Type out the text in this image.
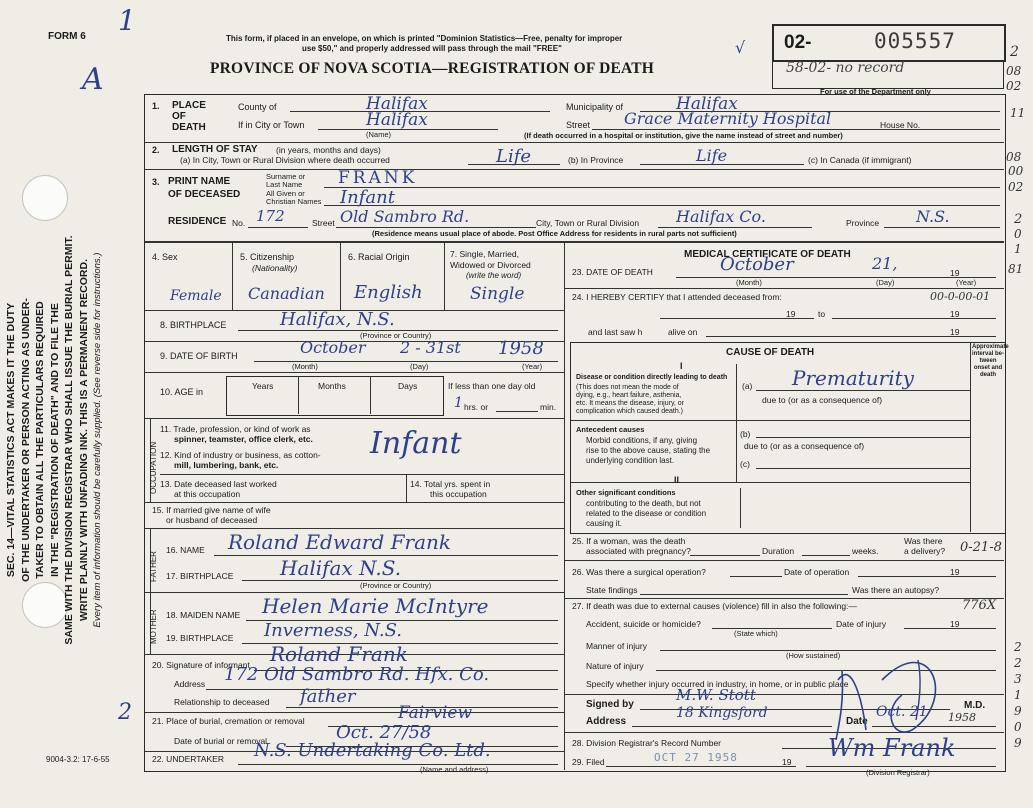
1
A
2
SEC. 14—VITAL STATISTICS ACT MAKES IT THE DUTY OF THE UNDERTAKER OR PERSON ACTING AS UNDER- TAKER TO OBTAIN ALL THE PARTICULARS REQUIRED IN THE "REGISTRATION OF DEATH" AND TO FILE THE SAME WITH THE DIVISION REGISTRAR WHO SHALL ISSUE THE BURIAL PERMIT. WRITE PLAINLY WITH UNFADING INK. THIS IS A PERMANENT RECORD. Every item of information should be carefully supplied. (See reverse side for instructions.)
FORM 6	This form, if placed in an envelope, on which is printed "Dominion Statistics—Free, penalty for improper
use $50," and properly addressed will pass through the mail "FREE"
PROVINCE OF NOVA SCOTIA—REGISTRATION OF DEATH
√ 02-	005557
58-02- no record
For use of the Department only
2
08
02
11
08
00
02
2
0
1
81
00-0-00-01
0-21-8
776X
2
2
3
1
9
0
9
1. PLACE
OF
DEATH
County of	Halifax	Municipality of	Halifax
If in City or Town	Halifax
(Name)
Street Grace Maternity Hospital	House No.
(If death occurred in a hospital or institution, give the name instead of street and number)
2. LENGTH OF STAY (in years, months and days)
(a) In City, Town or Rural Division where death occurred	Life	(b) In Province	Life	(c) In Canada (if immigrant)
3. PRINT NAME
OF DECEASED
Surname or
Last Name FRANK
All Given or
Christian Names Infant
RESIDENCE No. 172	Street Old Sambro Rd.	City, Town or Rural Division Halifax Co.	Province N.S.
(Residence means usual place of abode. Post Office Address for residents in rural parts not sufficient)
4. Sex
Female
5. Citizenship
(Nationality)
Canadian
6. Racial Origin
English
7. Single, Married,
Widowed or Divorced
(write the word)
Single
8. BIRTHPLACE	Halifax, N.S.
(Province or Country)
9. DATE OF BIRTH	October 2 - 31st 1958
(Month)	(Day)	(Year)
10. AGE in
Years	Months	Days	If less than one day old
1 hrs. or	min.
OCCUPATION
11. Trade, profession, or kind of work as
spinner, teamster, office clerk, etc.
12. Kind of industry or business, as cotton-
mill, lumbering, bank, etc.
Infant
13. Date deceased last worked
at this occupation
14. Total yrs. spent in
this occupation
15. If married give name of wife
or husband of deceased
FATHER
16. NAME Roland Edward Frank
17. BIRTHPLACE Halifax N.S.
(Province or Country)
MOTHER 18. MAIDEN NAME Helen Marie McIntyre
19. BIRTHPLACE Inverness, N.S.
20. Signature of informant Roland Frank
Address 172 Old Sambro Rd. Hfx. Co.
Relationship to deceased father
21. Place of burial, cremation or removal	Fairview
Date of burial or removal	Oct. 27/58
22. UNDERTAKER N.S. Undertaking Co. Ltd.
(Name and address)
MEDICAL CERTIFICATE OF DEATH
23. DATE OF DEATH	October	21,	19
(Month)	(Day)	(Year)
24. I HEREBY CERTIFY that I attended deceased from:
19	to	19
and last saw h	alive on	19
CAUSE OF DEATH	Approximate interval be- tween onset and death
I
Disease or condition directly leading to death
(This does not mean the mode of
dying, e.g., heart failure, asthenia,
etc. It means the disease, injury, or
complication which caused death.)
(a) Prematurity
due to (or as a consequence of)
Antecedent causes
Morbid conditions, if any, giving
rise to the above cause, stating the
underlying condition last.
(b)
due to (or as a consequence of)
(c)
II
Other significant conditions
contributing to the death, but not
related to the disease or condition
causing it.
25. If a woman, was the death
associated with pregnancy?	Duration	weeks.
Was there
a delivery?
26. Was there a surgical operation?	Date of operation	19
State findings	Was there an autopsy?
27. If death was due to external causes (violence) fill in also the following:—
Accident, suicide or homicide?	Date of injury	19
(State which)
Manner of injury
(How sustained)
Nature of injury
Specify whether injury occurred in industry, in home, or in public place
Signed by
M.W. Stott
M.D.
Address
18 Kingsford
Date
Oct. 21 1958
28. Division Registrar's Record Number
29. Filed	OCT 27 1958	19 Wm Frank
(Division Registrar)
9004-3.2: 17-6-55
